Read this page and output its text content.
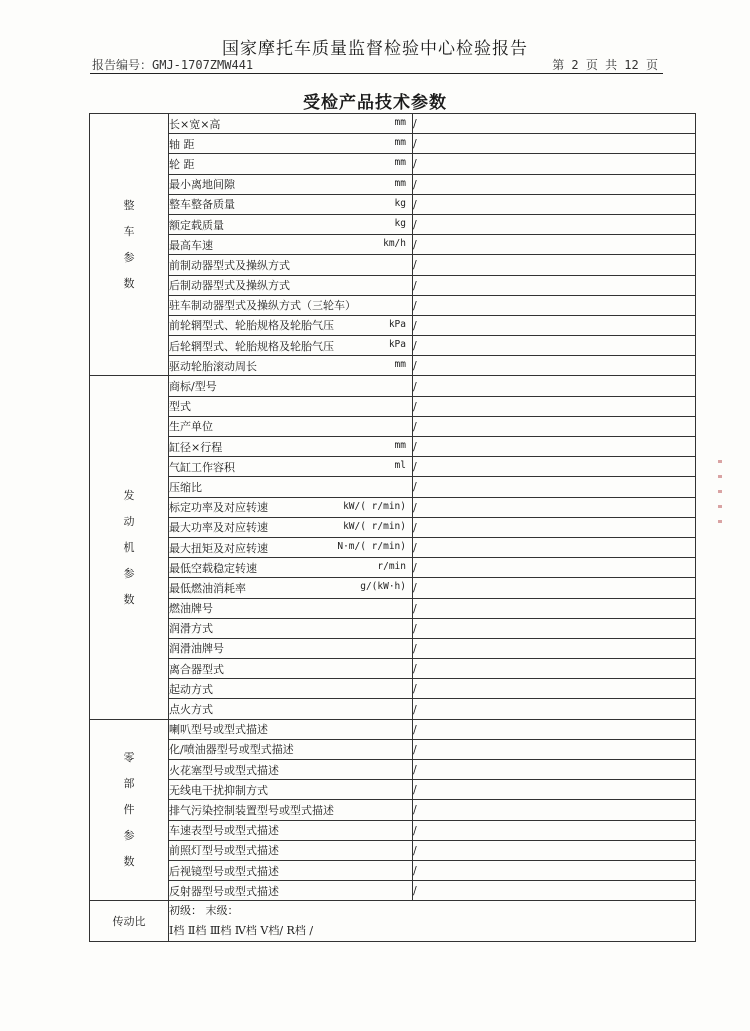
国家摩托车质量监督检验中心检验报告
报告编号：GMJ-1707ZMW441	第 2 页 共 12 页
受检产品技术参数
整车参数	长×宽×高 mm	/
	轴 距 mm	/
	轮 距 mm	/
	最小离地间隙 mm	/
	整车整备质量 kg	/
	额定载质量 kg	/
	最高车速 km/h	/
	前制动器型式及操纵方式	/
	后制动器型式及操纵方式	/
	驻车制动器型式及操纵方式（三轮车）	/
	前轮辋型式、轮胎规格及轮胎气压 kPa	/
	后轮辋型式、轮胎规格及轮胎气压 kPa	/
	驱动轮胎滚动周长 mm	/
发动机参数	商标/型号	/
	型式	/
	生产单位	/
	缸径×行程 mm	/
	气缸工作容积 ml	/
	压缩比	/
	标定功率及对应转速 kW/( r/min)	/
	最大功率及对应转速 kW/( r/min)	/
	最大扭矩及对应转速 N·m/( r/min)	/
	最低空载稳定转速 r/min	/
	最低燃油消耗率 g/(kW·h)	/
	燃油牌号	/
	润滑方式	/
	润滑油牌号	/
	离合器型式	/
	起动方式	/
	点火方式	/
零部件参数	喇叭型号或型式描述	/
	化/喷油器型号或型式描述	/
	火花塞型号或型式描述	/
	无线电干扰抑制方式	/
	排气污染控制装置型号或型式描述	/
	车速表型号或型式描述	/
	前照灯型号或型式描述	/
	后视镜型号或型式描述	/
	反射器型号或型式描述	/
传动比	初级： 末级：
Ⅰ档 Ⅱ档 Ⅲ档 Ⅳ档 Ⅴ档/ R档 /	
